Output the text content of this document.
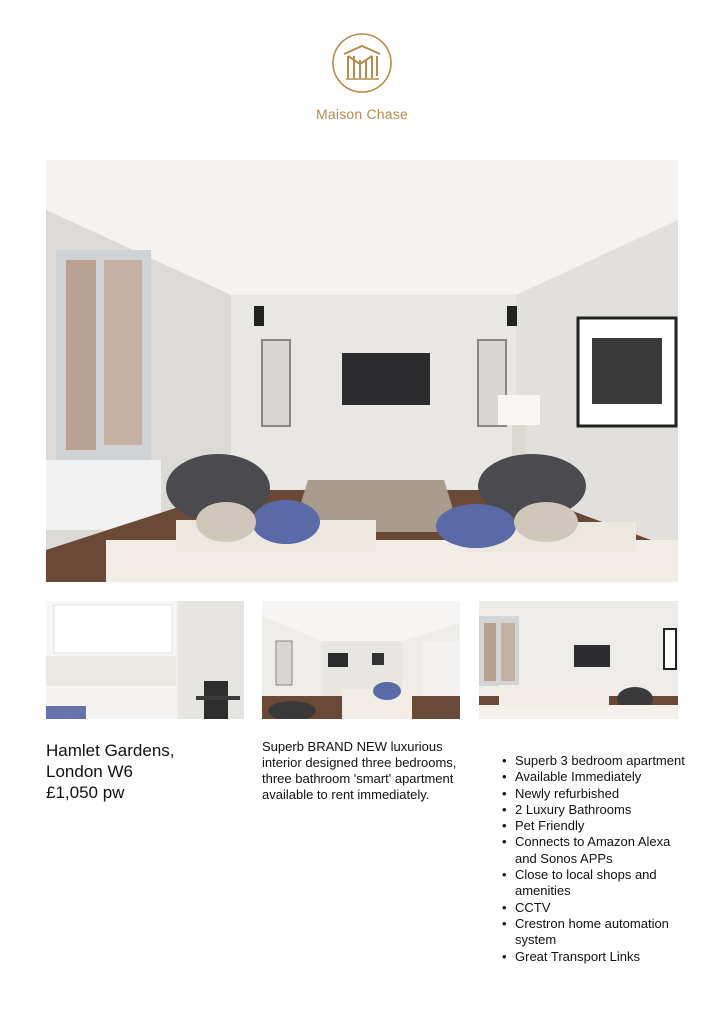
Maison Chase
Hamlet Gardens,
London W6
£1,050 pw
Superb BRAND NEW luxurious interior designed three bedrooms, three bathroom 'smart' apartment available to rent immediately.
• Superb 3 bedroom apartment
• Available Immediately
• Newly refurbished
• 2 Luxury Bathrooms
• Pet Friendly
• Connects to Amazon Alexa and Sonos APPs
• Close to local shops and amenities
• CCTV
• Crestron home automation system
• Great Transport Links
